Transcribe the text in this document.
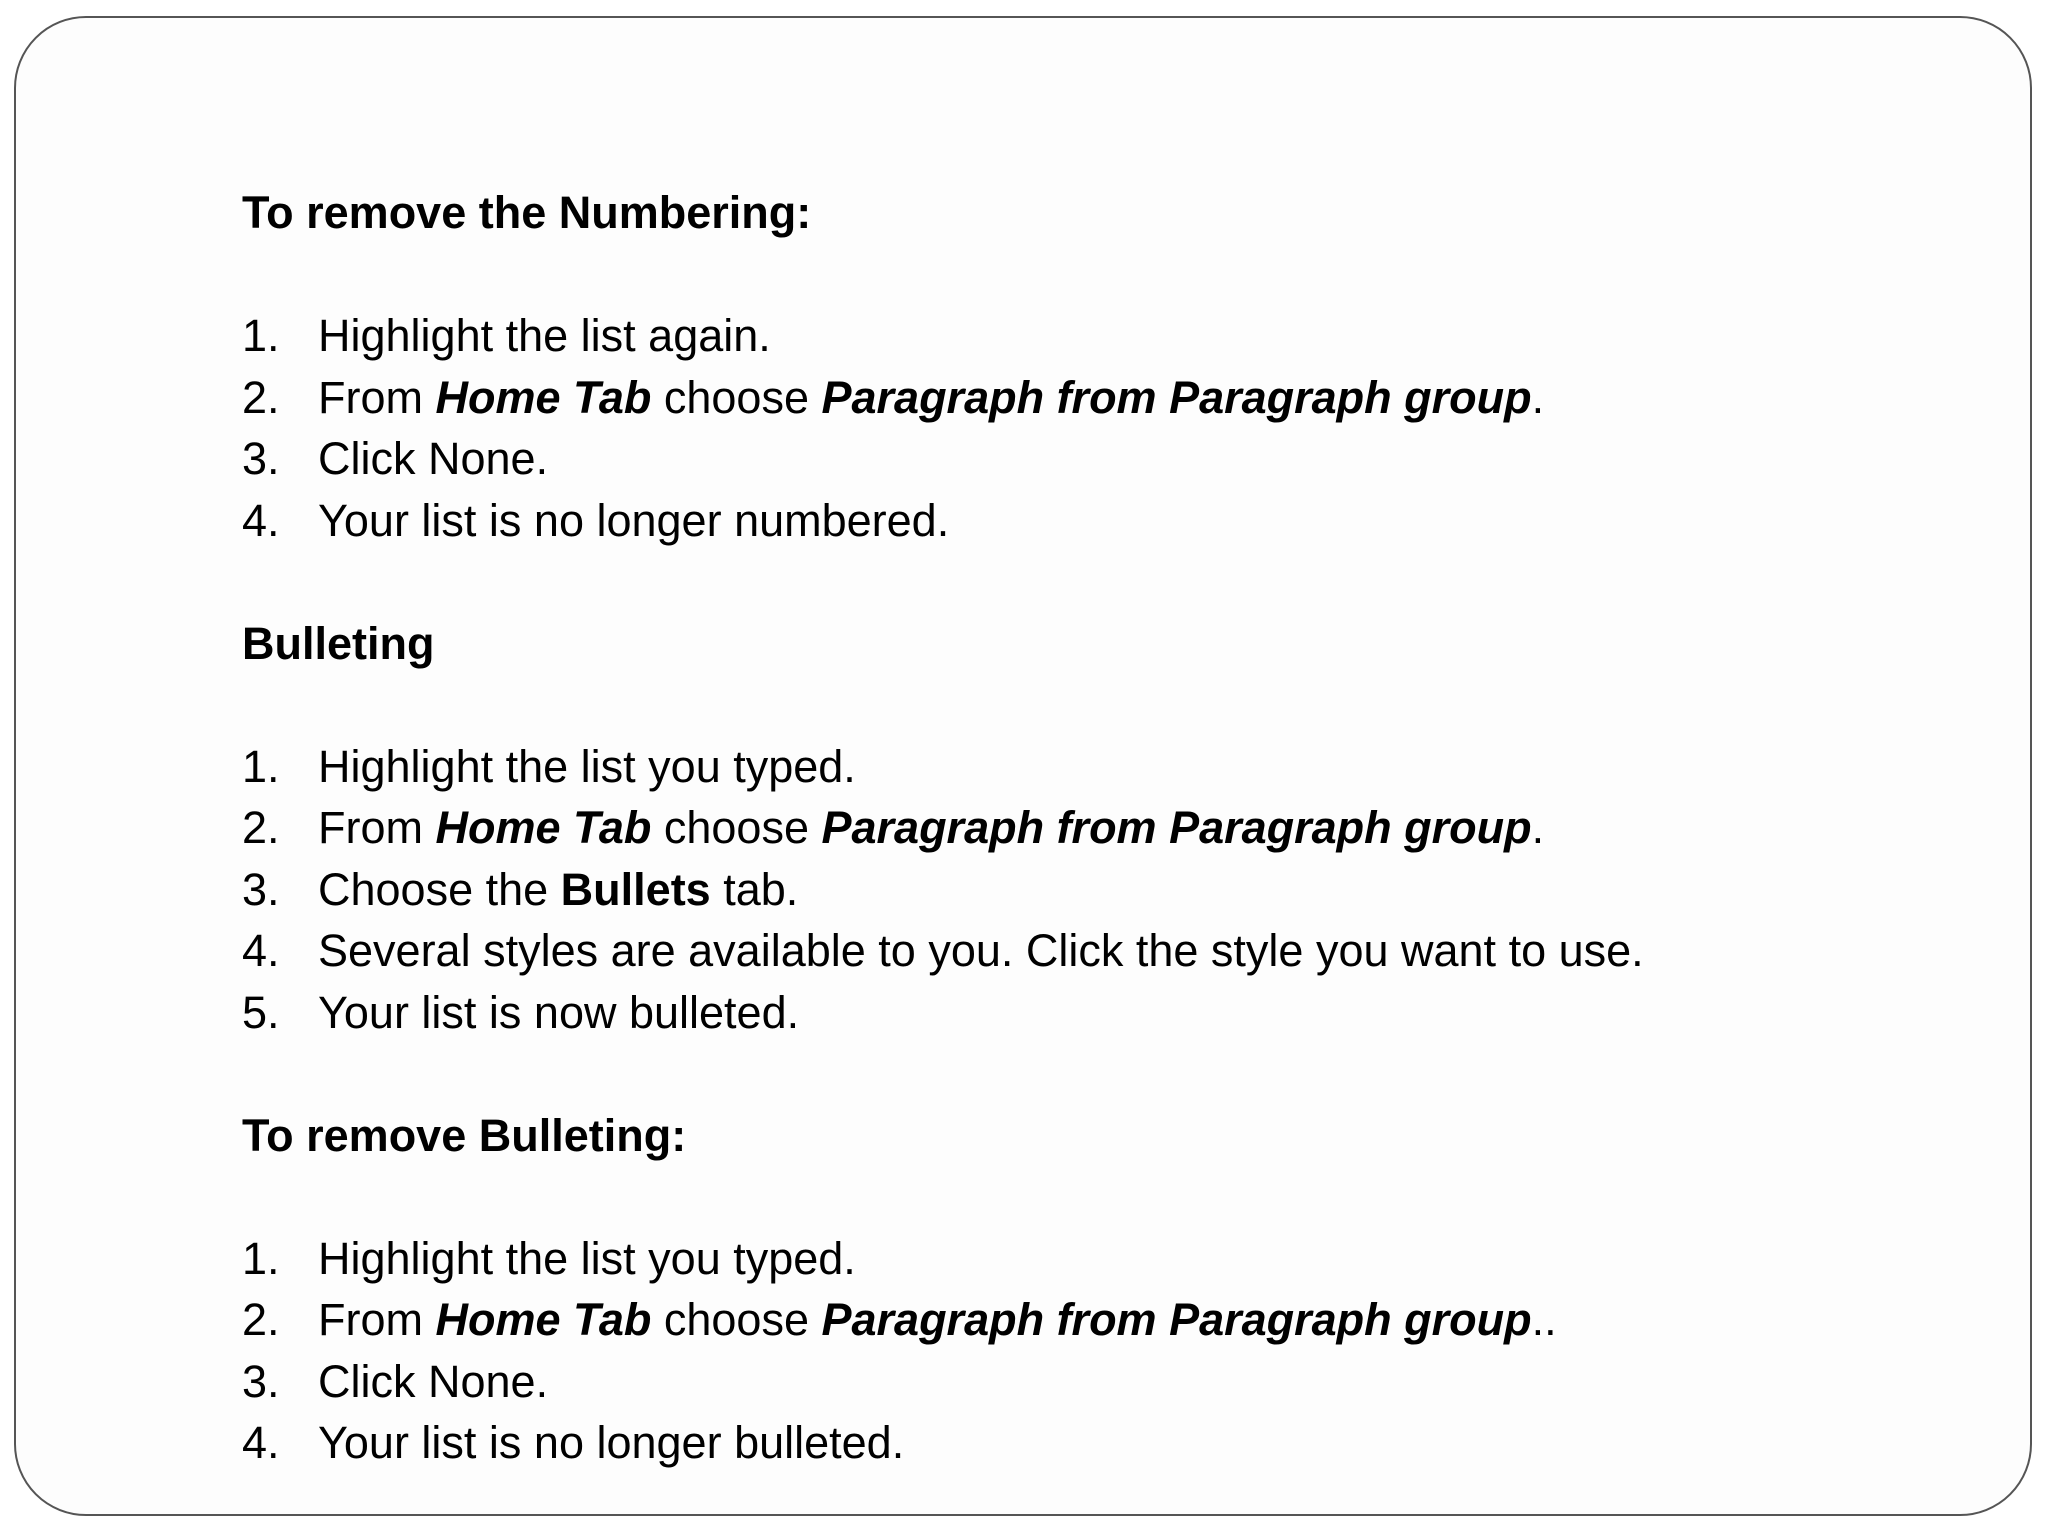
To remove the Numbering:

1. Highlight the list again.
2. From Home Tab choose Paragraph from Paragraph group.
3. Click None.
4. Your list is no longer numbered.

Bulleting

1. Highlight the list you typed.
2. From Home Tab choose Paragraph from Paragraph group.
3. Choose the Bullets tab.
4. Several styles are available to you. Click the style you want to use.
5. Your list is now bulleted.

To remove Bulleting:

1. Highlight the list you typed.
2. From Home Tab choose Paragraph from Paragraph group..
3. Click None.
4. Your list is no longer bulleted.
